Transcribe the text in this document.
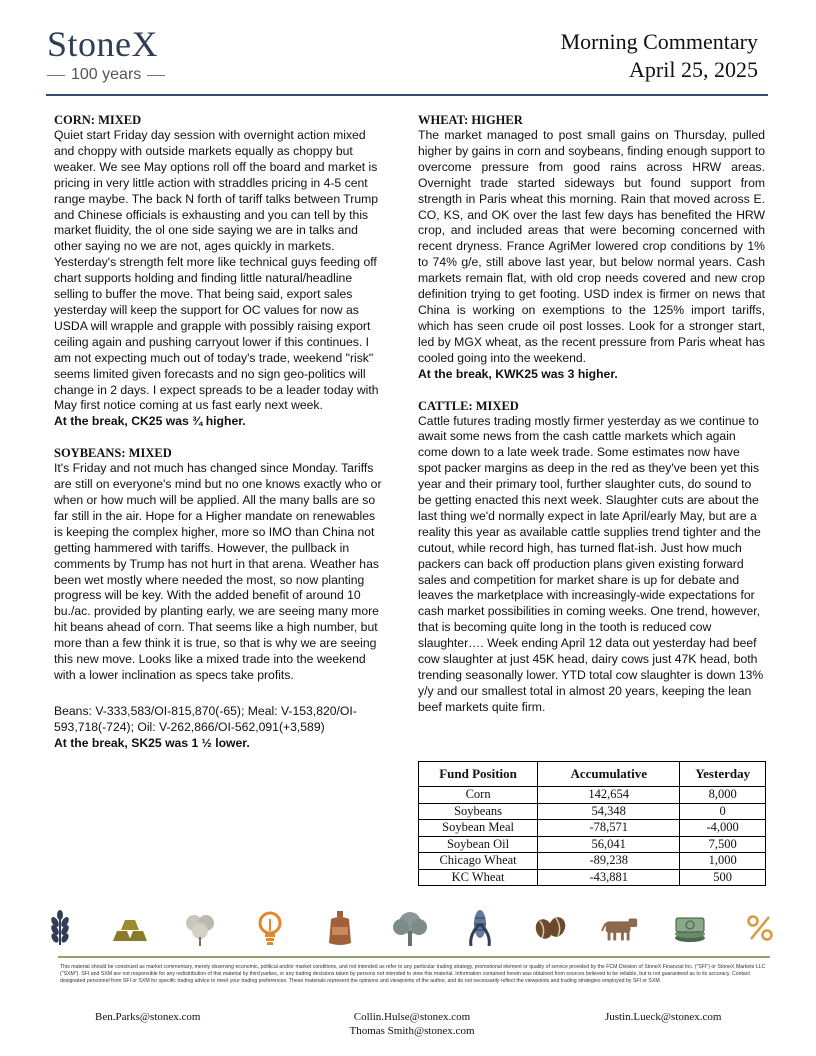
StoneX
100 years
Morning Commentary
April 25, 2025
CORN: MIXED
Quiet start Friday day session with overnight action mixed and choppy with outside markets equally as choppy but weaker. We see May options roll off the board and market is pricing in very little action with straddles pricing in 4-5 cent range maybe. The back N forth of tariff talks between Trump and Chinese officials is exhausting and you can tell by this market fluidity, the ol one side saying we are in talks and other saying no we are not, ages quickly in markets. Yesterday's strength felt more like technical guys feeding off chart supports holding and finding little natural/headline selling to buffer the move. That being said, export sales yesterday will keep the support for OC values for now as USDA will wrapple and grapple with possibly raising export ceiling again and pushing carryout lower if this continues. I am not expecting much out of today's trade, weekend "risk" seems limited given forecasts and no sign geo-politics will change in 2 days. I expect spreads to be a leader today with May first notice coming at us fast early next week.
At the break, CK25 was ¾ higher.
SOYBEANS: MIXED
It's Friday and not much has changed since Monday. Tariffs are still on everyone's mind but no one knows exactly who or when or how much will be applied. All the many balls are so far still in the air. Hope for a Higher mandate on renewables is keeping the complex higher, more so IMO than China not getting hammered with tariffs. However, the pullback in comments by Trump has not hurt in that arena. Weather has been wet mostly where needed the most, so now planting progress will be key. With the added benefit of around 10 bu./ac. provided by planting early, we are seeing many more hit beans ahead of corn. That seems like a high number, but more than a few think it is true, so that is why we are seeing this new move. Looks like a mixed trade into the weekend with a lower inclination as specs take profits.
Beans: V-333,583/OI-815,870(-65); Meal: V-153,820/OI-593,718(-724); Oil: V-262,866/OI-562,091(+3,589)
At the break, SK25 was 1 ½ lower.
WHEAT: HIGHER
The market managed to post small gains on Thursday, pulled higher by gains in corn and soybeans, finding enough support to overcome pressure from good rains across HRW areas. Overnight trade started sideways but found support from strength in Paris wheat this morning. Rain that moved across E. CO, KS, and OK over the last few days has benefited the HRW crop, and included areas that were becoming concerned with recent dryness. France AgriMer lowered crop conditions by 1% to 74% g/e, still above last year, but below normal years. Cash markets remain flat, with old crop needs covered and new crop definition trying to get footing. USD index is firmer on news that China is working on exemptions to the 125% import tariffs, which has seen crude oil post losses. Look for a stronger start, led by MGX wheat, as the recent pressure from Paris wheat has cooled going into the weekend.
At the break, KWK25 was 3 higher.
CATTLE: MIXED
Cattle futures trading mostly firmer yesterday as we continue to await some news from the cash cattle markets which again come down to a late week trade. Some estimates now have spot packer margins as deep in the red as they've been yet this year and their primary tool, further slaughter cuts, do sound to be getting enacted this next week. Slaughter cuts are about the last thing we'd normally expect in late April/early May, but are a reality this year as available cattle supplies trend tighter and the cutout, while record high, has turned flat-ish. Just how much packers can back off production plans given existing forward sales and competition for market share is up for debate and leaves the marketplace with increasingly-wide expectations for cash market possibilities in coming weeks. One trend, however, that is becoming quite long in the tooth is reduced cow slaughter…. Week ending April 12 data out yesterday had beef cow slaughter at just 45K head, dairy cows just 47K head, both trending seasonally lower. YTD total cow slaughter is down 13% y/y and our smallest total in almost 20 years, keeping the lean beef markets quite firm.
Fund Position	Accumulative	Yesterday
Corn	142,654	8,000
Soybeans	54,348	0
Soybean Meal	-78,571	-4,000
Soybean Oil	56,041	7,500
Chicago Wheat	-89,238	1,000
KC Wheat	-43,881	500
This material should be construed as market commentary, merely observing economic, political and/or market conditions, and not intended as refer to any particular trading strategy, promotional element or quality of service provided by the FCM Division of StoneX Financial Inc. ("SFI") or StoneX Markets LLC ("SXM"). SFI and SXM are not responsible for any redistribution of this material by third parties, or any trading decisions taken by persons not intended to view this material. Information contained herein was obtained from sources believed to be reliable, but is not guaranteed as to its accuracy. Contact designated personnel from SFI or SXM for specific trading advice to meet your trading preferences. These materials represent the opinions and viewpoints of the author, and do not necessarily reflect the viewpoints and trading strategies employed by SFI or SXM.
Ben.Parks@stonex.com	Collin.Hulse@stonex.com
Thomas Smith@stonex.com
Justin.Lueck@stonex.com
